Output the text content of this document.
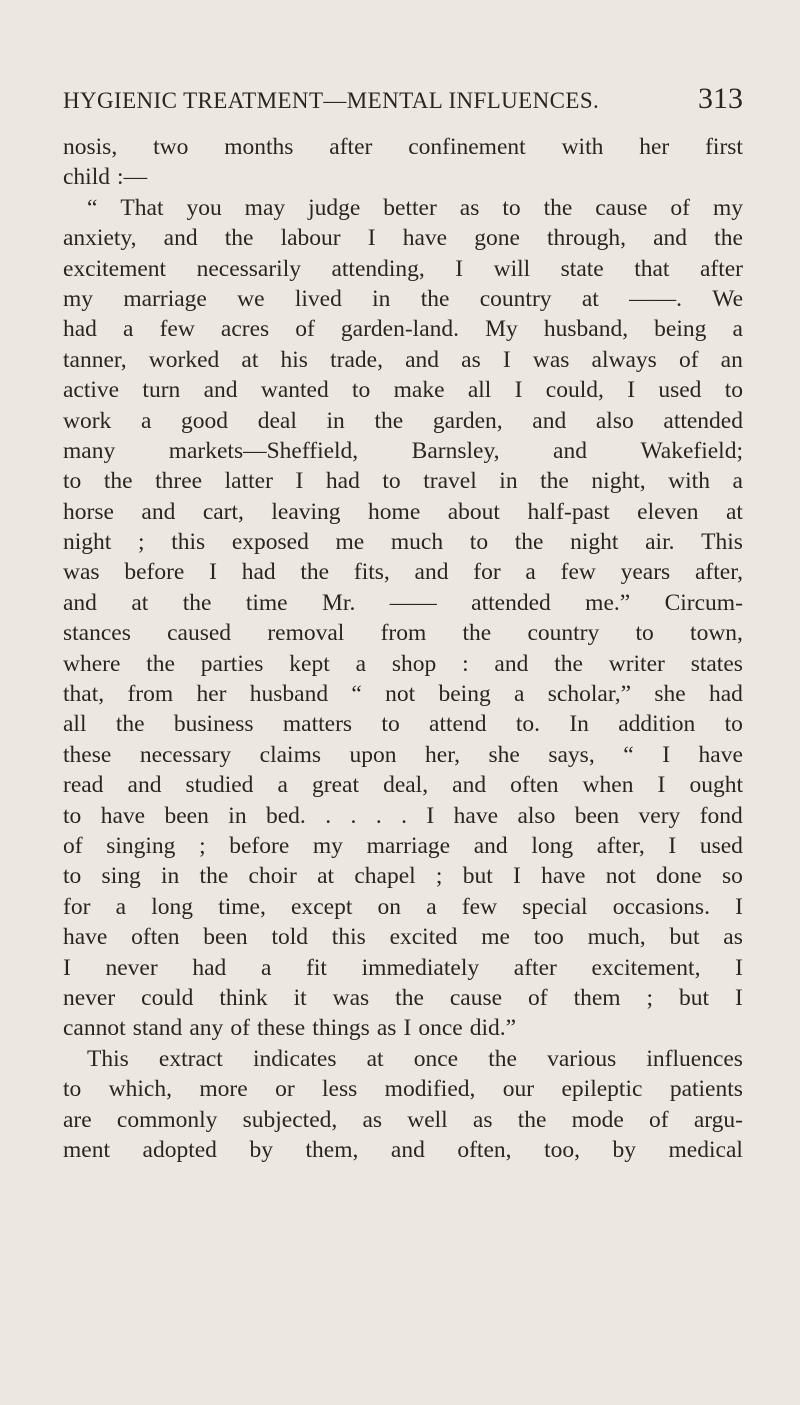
HYGIENIC TREATMENT—MENTAL INFLUENCES.	313
nosis, two months after confinement with her first
child :—
“ That you may judge better as to the cause of my
anxiety, and the labour I have gone through, and the
excitement necessarily attending, I will state that after
my marriage we lived in the country at ——. We
had a few acres of garden-land. My husband, being a
tanner, worked at his trade, and as I was always of an
active turn and wanted to make all I could, I used to
work a good deal in the garden, and also attended
many markets—Sheffield, Barnsley, and Wakefield;
to the three latter I had to travel in the night, with a
horse and cart, leaving home about half-past eleven at
night ; this exposed me much to the night air. This
was before I had the fits, and for a few years after,
and at the time Mr. —— attended me.” Circum-
stances caused removal from the country to town,
where the parties kept a shop : and the writer states
that, from her husband “ not being a scholar,” she had
all the business matters to attend to. In addition to
these necessary claims upon her, she says, “ I have
read and studied a great deal, and often when I ought
to have been in bed. . . . . I have also been very fond
of singing ; before my marriage and long after, I used
to sing in the choir at chapel ; but I have not done so
for a long time, except on a few special occasions. I
have often been told this excited me too much, but as
I never had a fit immediately after excitement, I
never could think it was the cause of them ; but I
cannot stand any of these things as I once did.”
This extract indicates at once the various influences
to which, more or less modified, our epileptic patients
are commonly subjected, as well as the mode of argu-
ment adopted by them, and often, too, by medical
